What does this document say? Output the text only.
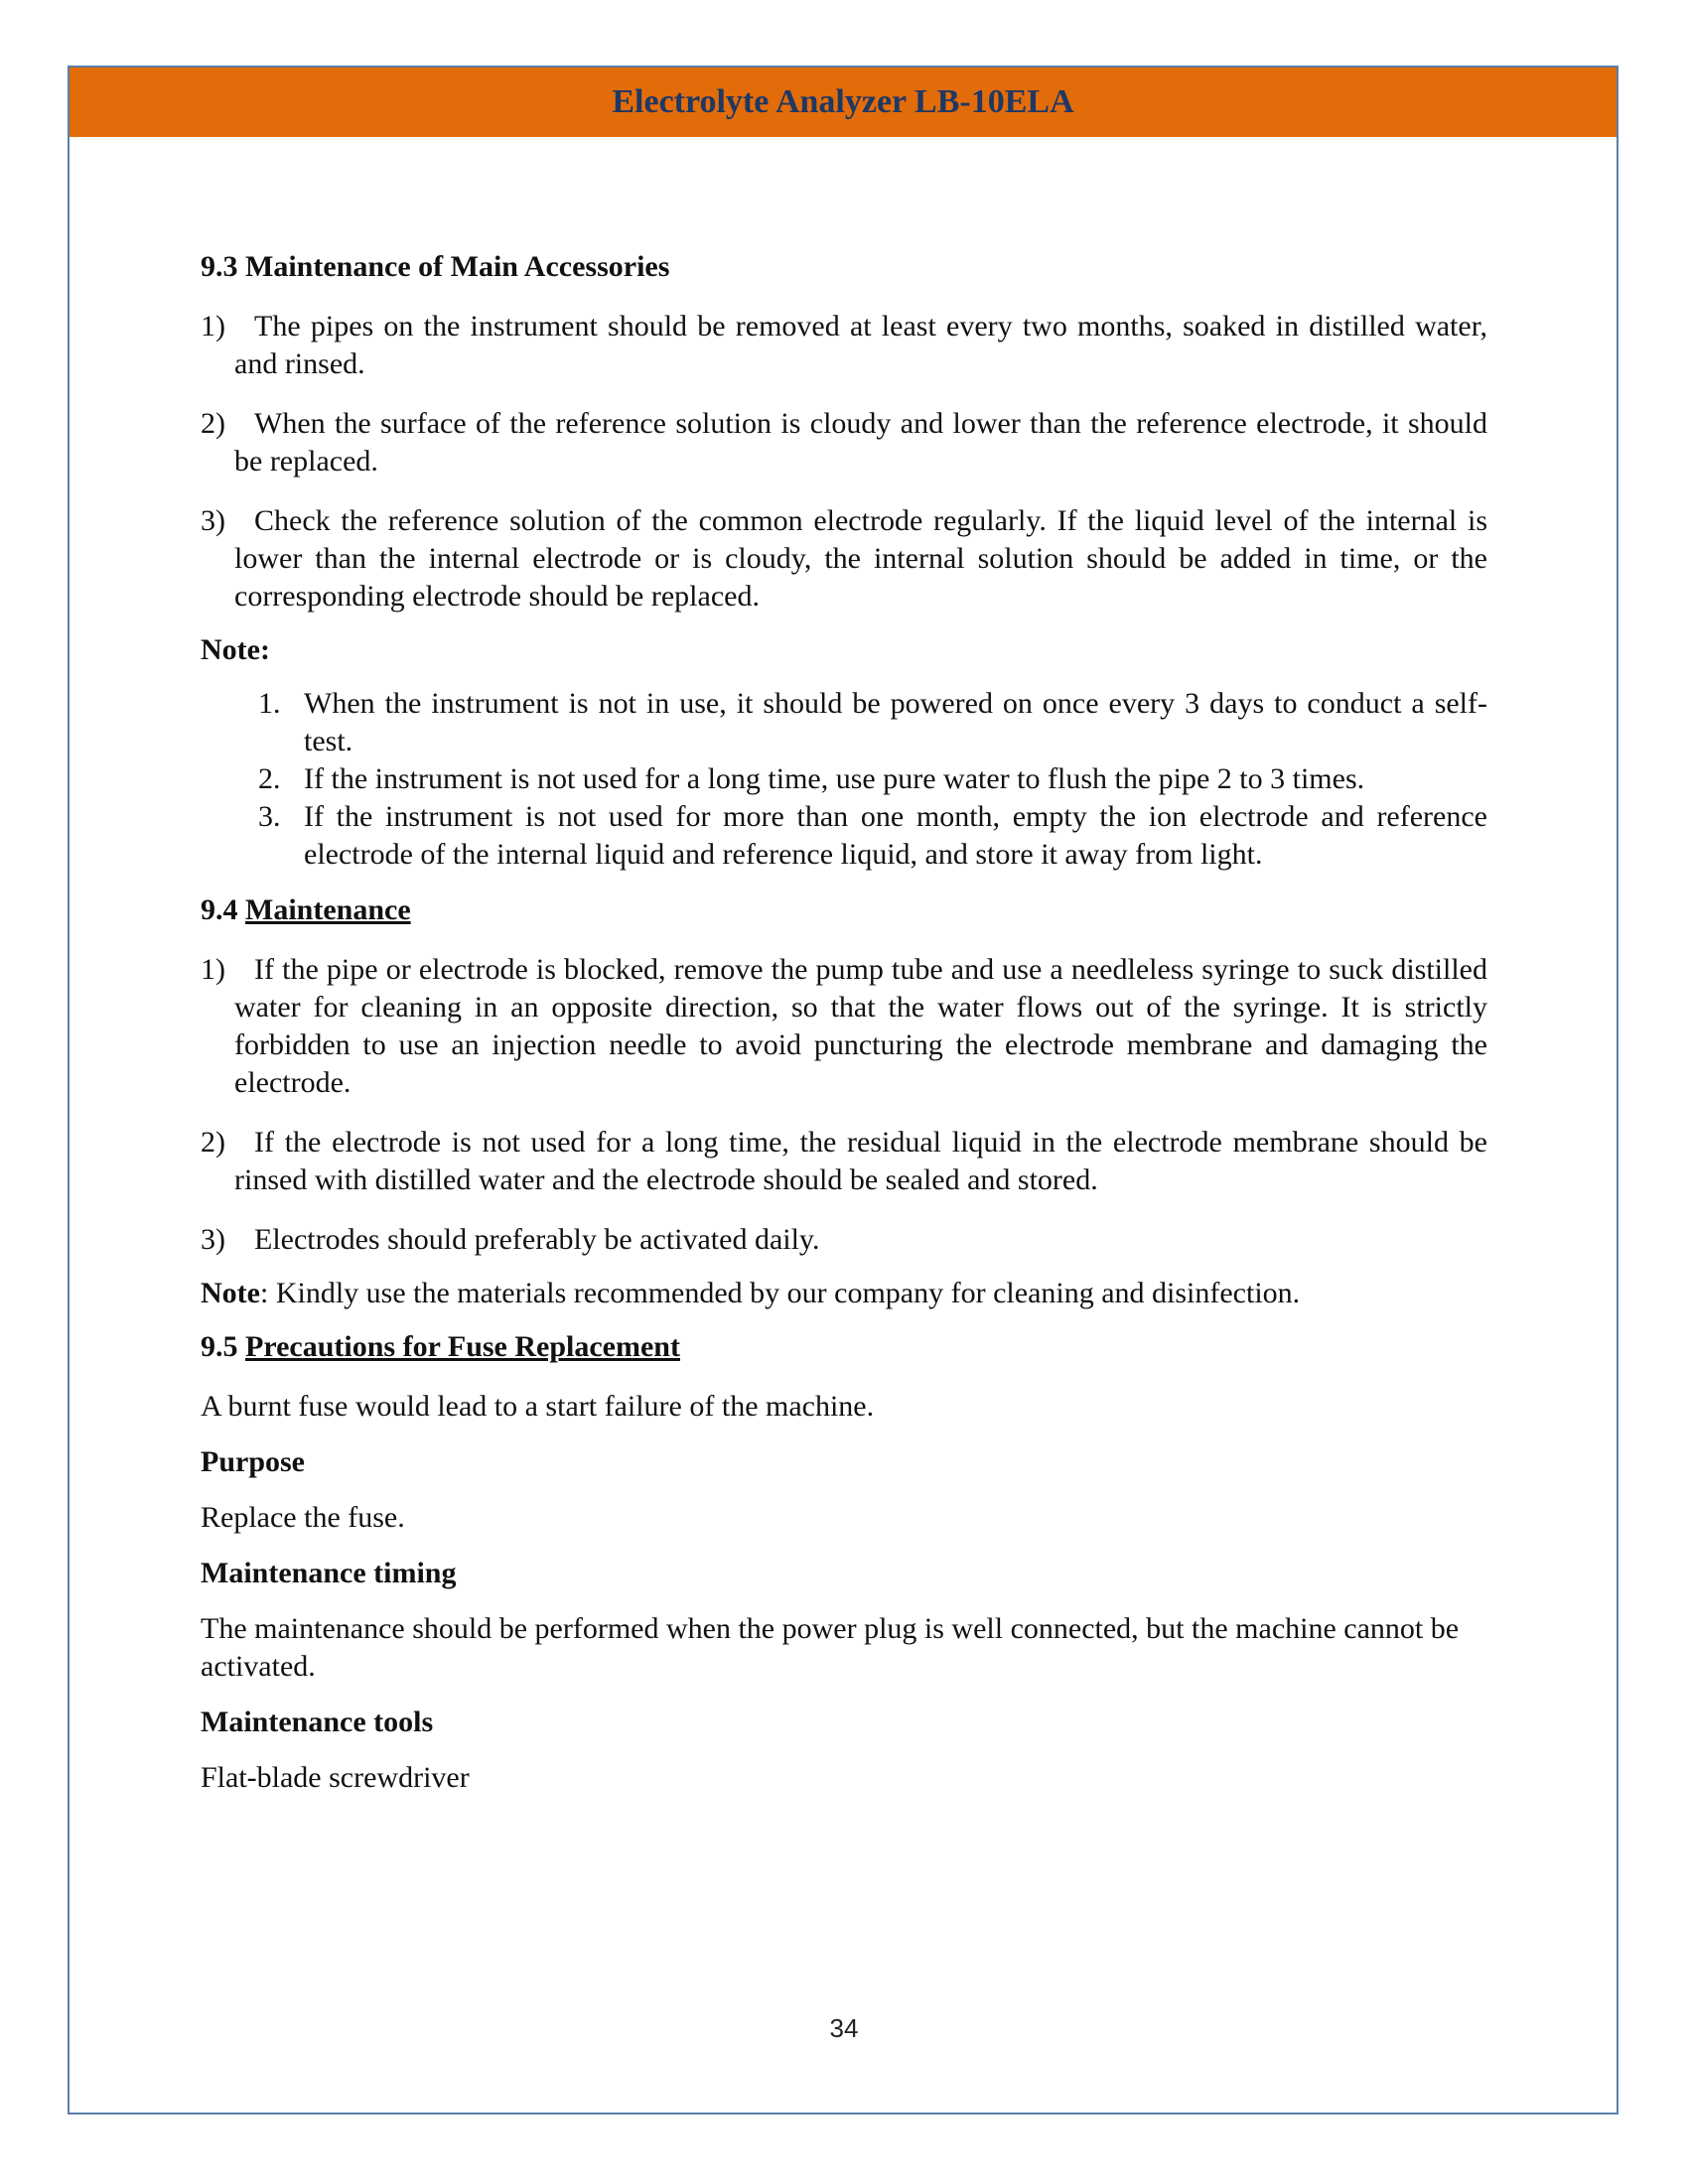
Electrolyte Analyzer LB-10ELA
9.3 Maintenance of Main Accessories
1) The pipes on the instrument should be removed at least every two months, soaked in distilled water, and rinsed.
2) When the surface of the reference solution is cloudy and lower than the reference electrode, it should be replaced.
3) Check the reference solution of the common electrode regularly. If the liquid level of the internal is lower than the internal electrode or is cloudy, the internal solution should be added in time, or the corresponding electrode should be replaced.
Note:
1. When the instrument is not in use, it should be powered on once every 3 days to conduct a self-test.
2. If the instrument is not used for a long time, use pure water to flush the pipe 2 to 3 times.
3. If the instrument is not used for more than one month, empty the ion electrode and reference electrode of the internal liquid and reference liquid, and store it away from light.
9.4 Maintenance
1) If the pipe or electrode is blocked, remove the pump tube and use a needleless syringe to suck distilled water for cleaning in an opposite direction, so that the water flows out of the syringe. It is strictly forbidden to use an injection needle to avoid puncturing the electrode membrane and damaging the electrode.
2) If the electrode is not used for a long time, the residual liquid in the electrode membrane should be rinsed with distilled water and the electrode should be sealed and stored.
3) Electrodes should preferably be activated daily.
Note: Kindly use the materials recommended by our company for cleaning and disinfection.
9.5 Precautions for Fuse Replacement
A burnt fuse would lead to a start failure of the machine.
Purpose
Replace the fuse.
Maintenance timing
The maintenance should be performed when the power plug is well connected, but the machine cannot be activated.
Maintenance tools
Flat-blade screwdriver
34
